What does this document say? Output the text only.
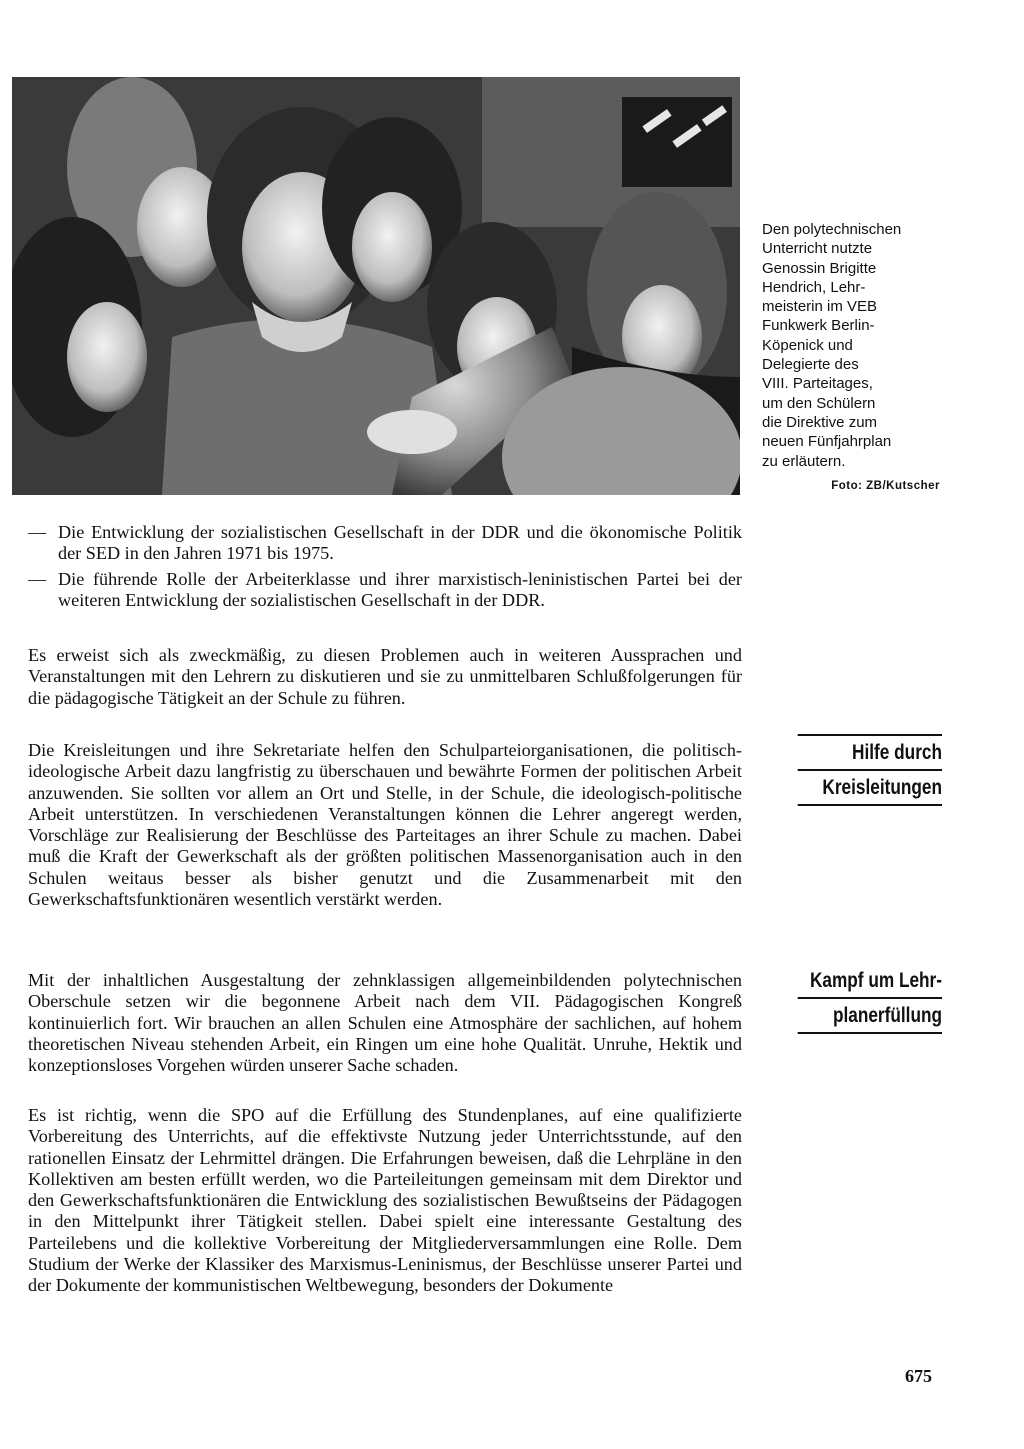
Den polytechnischen
Unterricht nutzte
Genossin Brigitte
Hendrich, Lehr-
meisterin im VEB
Funkwerk Berlin-
Köpenick und
Delegierte des
VIII. Parteitages,
um den Schülern
die Direktive zum
neuen Fünfjahrplan
zu erläutern.
Foto: ZB/Kutscher
— Die Entwicklung der sozialistischen Gesellschaft in der DDR und die ökonomische Politik der SED in den Jahren 1971 bis 1975.
— Die führende Rolle der Arbeiterklasse und ihrer marxistisch-leninistischen Partei bei der weiteren Entwicklung der sozialistischen Gesellschaft in der DDR.

Es erweist sich als zweckmäßig, zu diesen Problemen auch in weiteren Aussprachen und Veranstaltungen mit den Lehrern zu diskutieren und sie zu unmittelbaren Schlußfolgerungen für die pädagogische Tätigkeit an der Schule zu führen.

Die Kreisleitungen und ihre Sekretariate helfen den Schulparteiorganisationen, die politisch-ideologische Arbeit dazu langfristig zu überschauen und bewährte Formen der politischen Arbeit anzuwenden. Sie sollten vor allem an Ort und Stelle, in der Schule, die ideologisch-politische Arbeit unterstützen. In verschiedenen Veranstaltungen können die Lehrer angeregt werden, Vorschläge zur Realisierung der Beschlüsse des Parteitages an ihrer Schule zu machen. Dabei muß die Kraft der Gewerkschaft als der größten politischen Massenorganisation auch in den Schulen weitaus besser als bisher genutzt und die Zusammenarbeit mit den Gewerkschaftsfunktionären wesentlich verstärkt werden.

Mit der inhaltlichen Ausgestaltung der zehnklassigen allgemeinbildenden polytechnischen Oberschule setzen wir die begonnene Arbeit nach dem VII. Pädagogischen Kongreß kontinuierlich fort. Wir brauchen an allen Schulen eine Atmosphäre der sachlichen, auf hohem theoretischen Niveau stehenden Arbeit, ein Ringen um eine hohe Qualität. Unruhe, Hektik und konzeptionsloses Vorgehen würden unserer Sache schaden.

Es ist richtig, wenn die SPO auf die Erfüllung des Stundenplanes, auf eine qualifizierte Vorbereitung des Unterrichts, auf die effektivste Nutzung jeder Unterrichtsstunde, auf den rationellen Einsatz der Lehrmittel drängen. Die Erfahrungen beweisen, daß die Lehrpläne in den Kollektiven am besten erfüllt werden, wo die Parteileitungen gemeinsam mit dem Direktor und den Gewerkschaftsfunktionären die Entwicklung des sozialistischen Bewußtseins der Pädagogen in den Mittelpunkt ihrer Tätigkeit stellen. Dabei spielt eine interessante Gestaltung des Parteilebens und die kollektive Vorbereitung der Mitgliederversammlungen eine Rolle. Dem Studium der Werke der Klassiker des Marxismus-Leninismus, der Beschlüsse unserer Partei und der Dokumente der kommunistischen Weltbewegung, besonders der Dokumente

Hilfe durch
Kreisleitungen
Kampf um Lehr-
planerfüllung
675
